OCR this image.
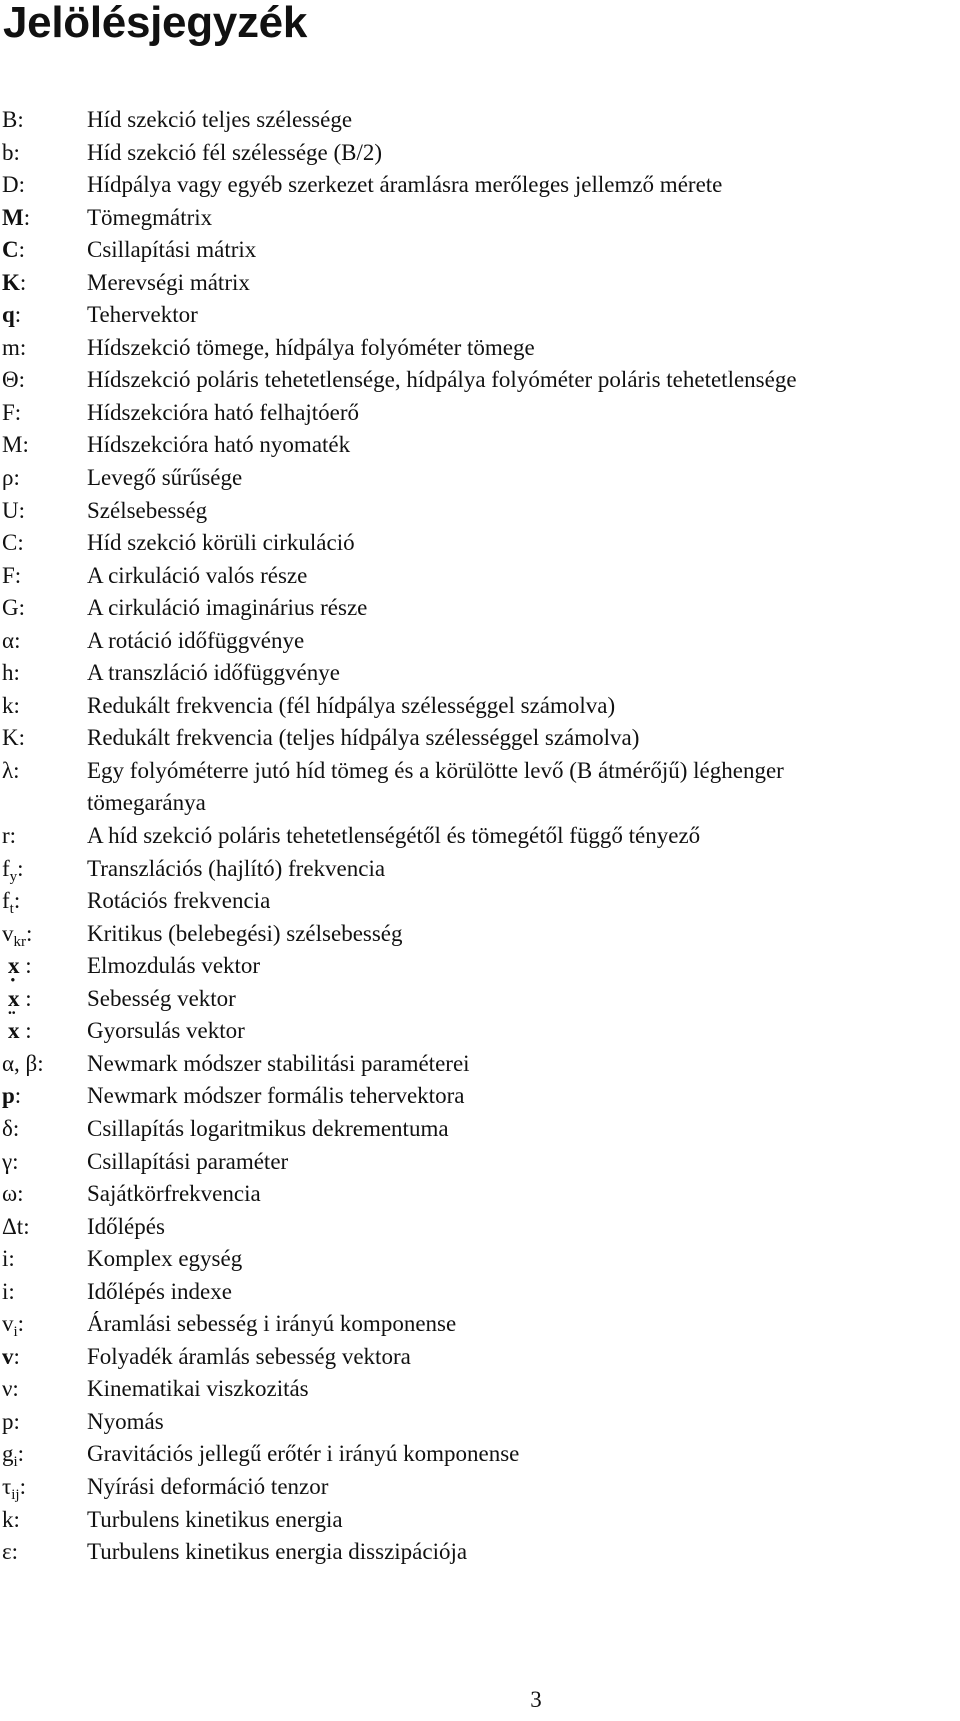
Jelölésjegyzék
B:	Híd szekció teljes szélessége
b:	Híd szekció fél szélessége (B/2)
D:	Hídpálya vagy egyéb szerkezet áramlásra merőleges jellemző mérete
M:	Tömegmátrix
C:	Csillapítási mátrix
K:	Merevségi mátrix
q:	Tehervektor
m:	Hídszekció tömege, hídpálya folyóméter tömege
Θ:	Hídszekció poláris tehetetlensége, hídpálya folyóméter poláris tehetetlensége
F:	Hídszekcióra ható felhajtóerő
M:	Hídszekcióra ható nyomaték
ρ:	Levegő sűrűsége
U:	Szélsebesség
C:	Híd szekció körüli cirkuláció
F:	A cirkuláció valós része
G:	A cirkuláció imaginárius része
α:	A rotáció időfüggvénye
h:	A transzláció időfüggvénye
k:	Redukált frekvencia (fél hídpálya szélességgel számolva)
K:	Redukált frekvencia (teljes hídpálya szélességgel számolva)
λ:	Egy folyóméterre jutó híd tömeg és a körülötte levő (B átmérőjű) léghenger
tömegaránya
r:	A híd szekció poláris tehetetlenségétől és tömegétől függő tényező
$f_y$:	Transzlációs (hajlító) frekvencia
$f_t$:	Rotációs frekvencia
$v_{kr}$:	Kritikus (belebegési) szélsebesség
x :	Elmozdulás vektor
˙ x :	Sebesség vektor
¨ x :	Gyorsulás vektor
α, β:	Newmark módszer stabilitási paraméterei
p:	Newmark módszer formális tehervektora
δ:	Csillapítás logaritmikus dekrementuma
γ:	Csillapítási paraméter
ω:	Sajátkörfrekvencia
Δt:	Időlépés
i:	Komplex egység
i:	Időlépés indexe
$v_i$:	Áramlási sebesség i irányú komponense
v:	Folyadék áramlás sebesség vektora
ν:	Kinematikai viszkozitás
p:	Nyomás
$g_i$:	Gravitációs jellegű erőtér i irányú komponense
$\tau_{ij}$:	Nyírási deformáció tenzor
k:	Turbulens kinetikus energia
ε:	Turbulens kinetikus energia disszipációja
3
